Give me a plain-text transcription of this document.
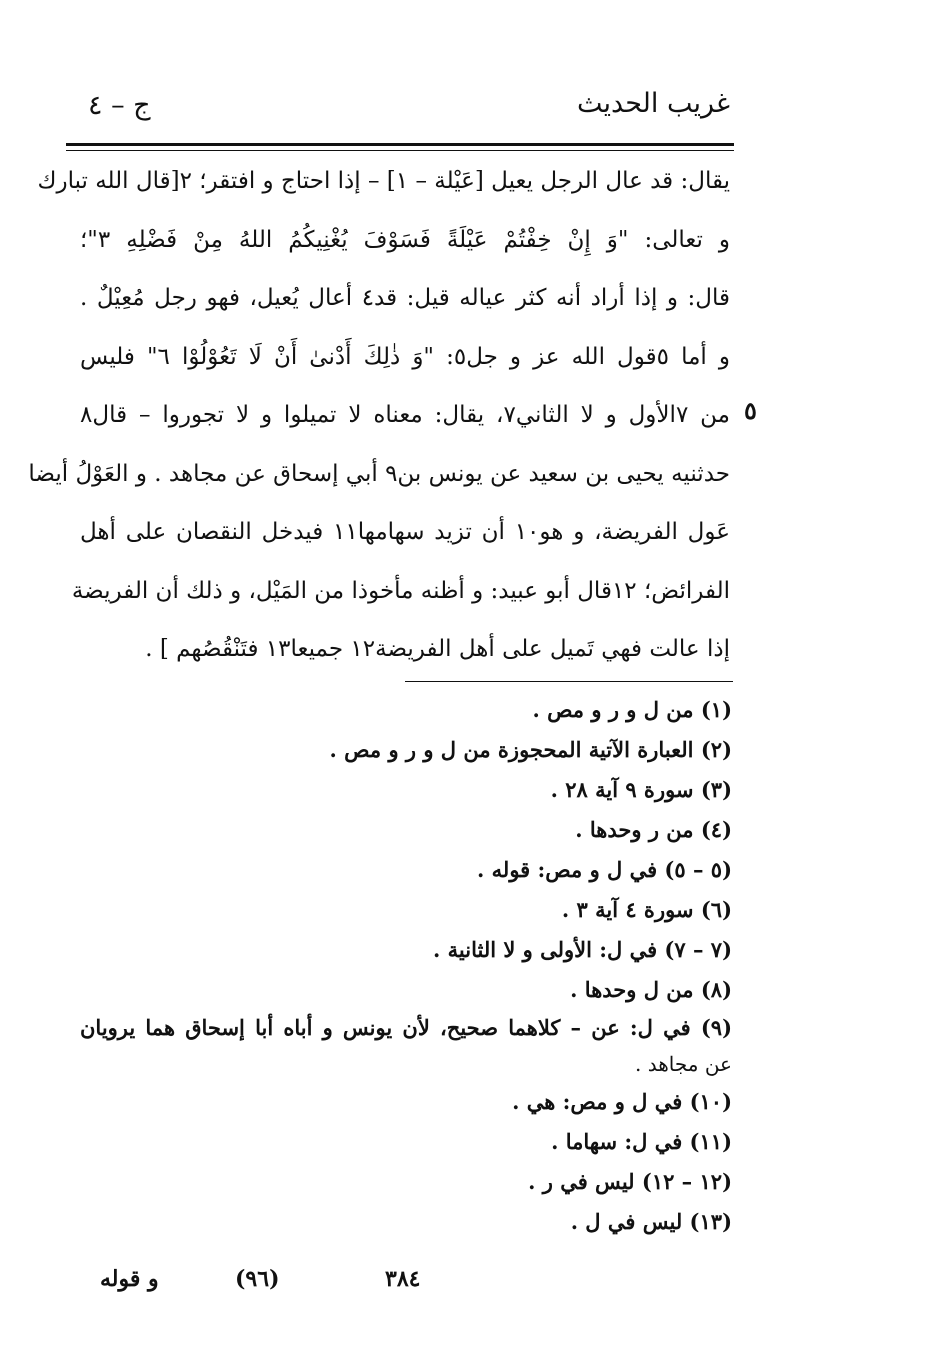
غريب الحديث
ج – ٤
يقال: قد عال الرجل يعيل [عَيْلة – ١] – إذا احتاج و افتقر؛ ٢[قال الله تبارك
و تعالى: "وَ إِنْ خِفْتُمْ عَيْلَةً فَسَوْفَ يُغْنِيكُمُ اللهُ مِنْ فَضْلِهِ ٣"؛
قال: و إذا أراد أنه كثر عياله قيل: قد٤ أعال يُعيل، فهو رجل مُعِيْلٌ .
و أما ٥قول الله عز و جل٥: "وَ ذٰلِكَ أَدْنىٰ أَنْ لَا تَعُوْلُوْا ٦" فليس
من ٧الأول و لا الثاني٧، يقال: معناه لا تميلوا و لا تجوروا – قال٨
حدثنيه يحيى بن سعيد عن يونس بن٩ أبي إسحاق عن مجاهد . و العَوْلُ أيضا
عَول الفريضة، و هو١٠ أن تزيد سهامها١١ فيدخل النقصان على أهل
الفرائض؛ ١٢قال أبو عبيد: و أظنه مأخوذا من المَيْل، و ذلك أن الفريضة
إذا عالت فهي تَميل على أهل الفريضة١٢ جميعا١٣ فتَنْقُصُهم ] .
٥
(١) من ل و ر و مص .
(٢) العبارة الآتية المحجوزة من ل و ر و مص .
(٣) سورة ٩ آية ٢٨ .
(٤) من ر وحدها .
(٥ – ٥) في ل و مص: قوله .
(٦) سورة ٤ آية ٣ .
(٧ – ٧) في ل: الأولى و لا الثانية .
(٨) من ل وحدها .
(٩) في ل: عن – كلاهما صحيح، لأن يونس و أباه أبا إسحاق هما يرويان
عن مجاهد .
(١٠) في ل و مص: هي .
(١١) في ل: سهاما .
(١٢ – ١٢) ليس في ر .
(١٣) ليس في ل .
و قوله	(٩٦)	٣٨٤
